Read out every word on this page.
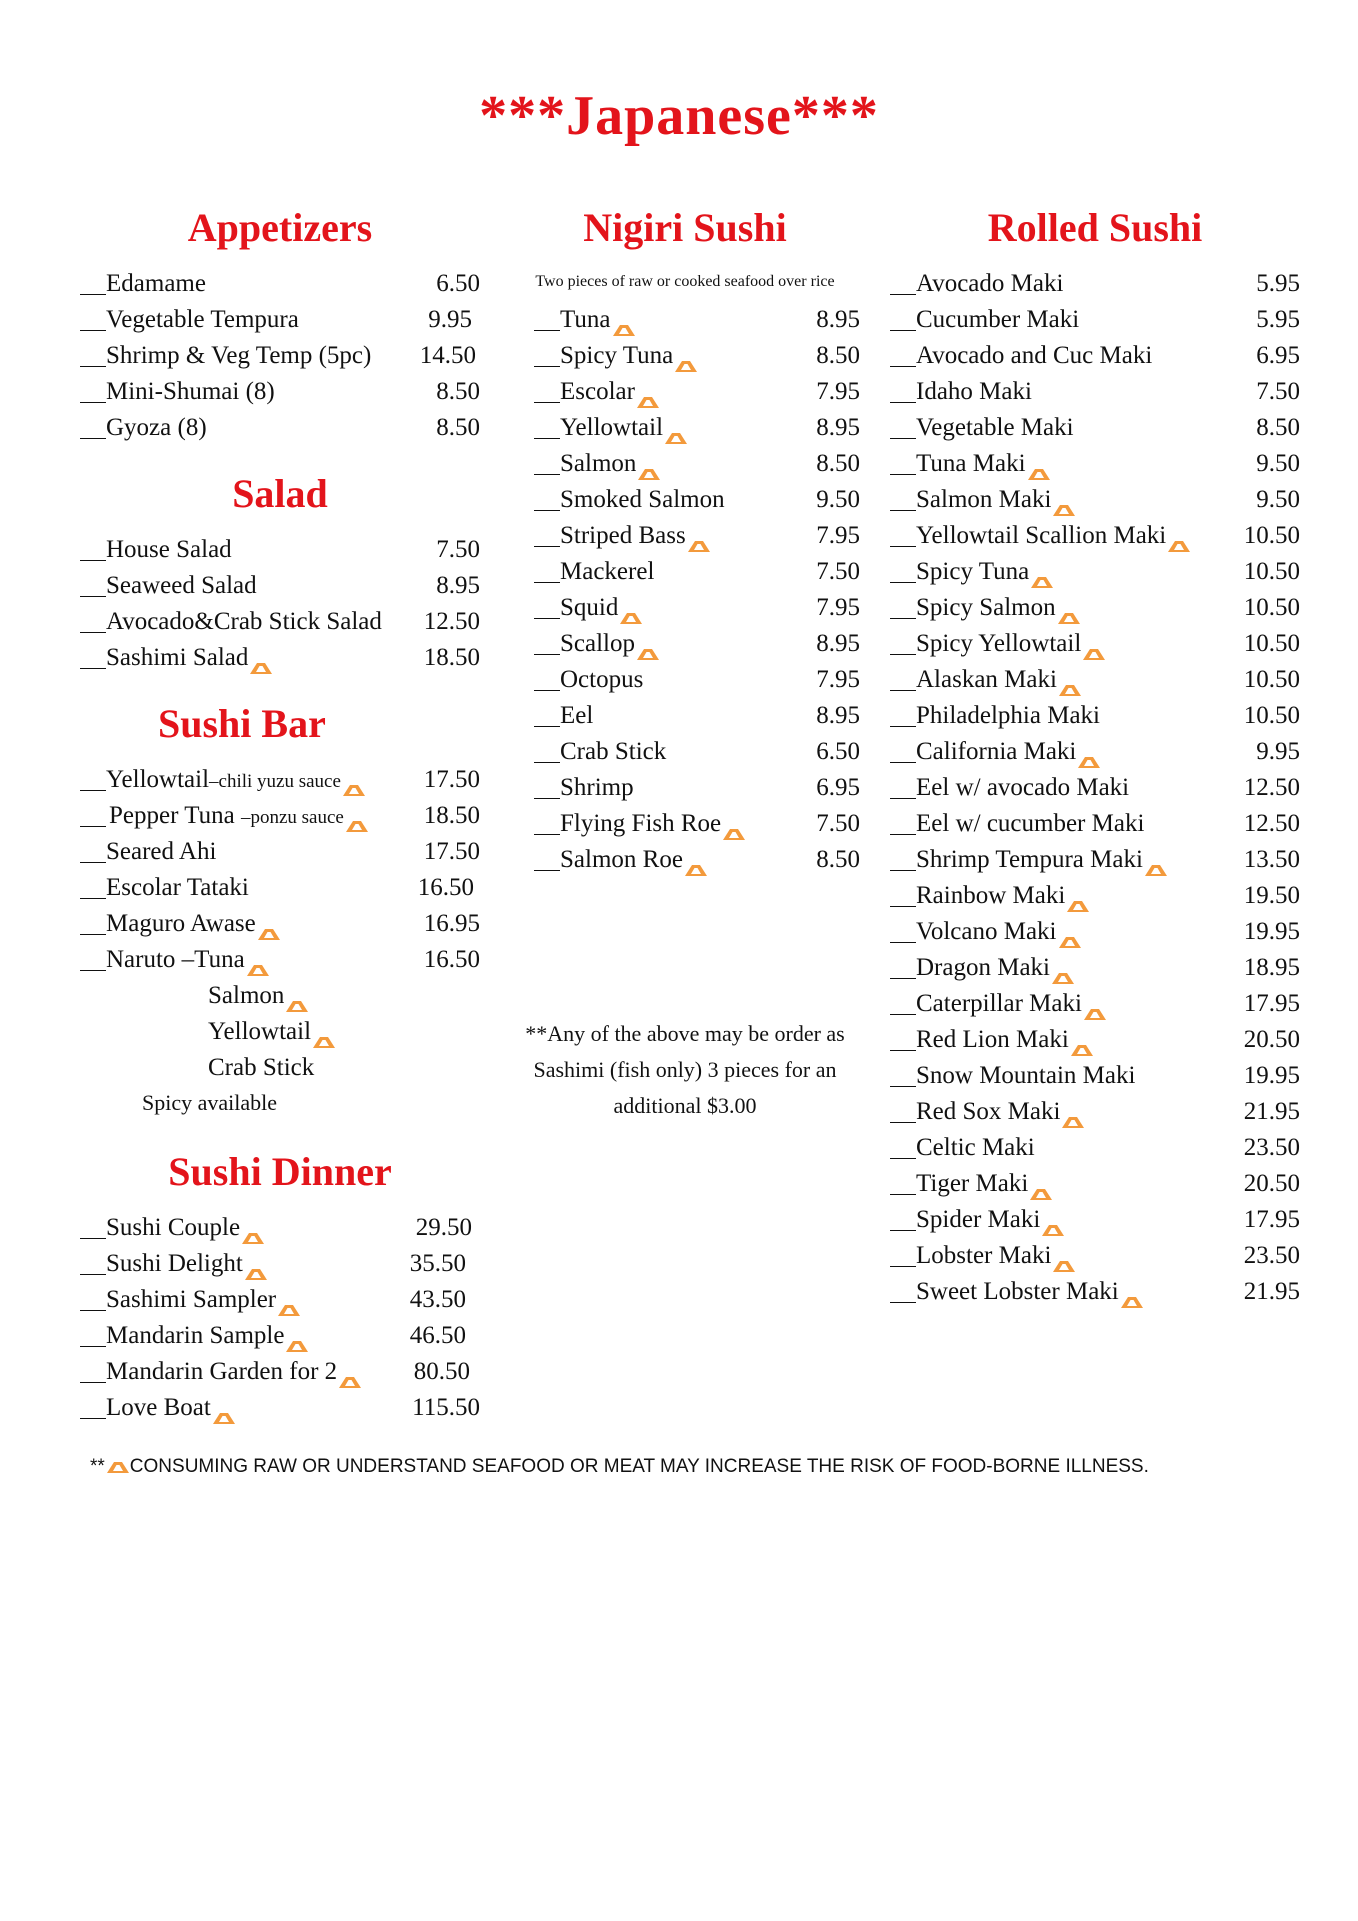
***Japanese***
Appetizers
Edamame	6.50
Vegetable Tempura	9.95
Shrimp & Veg Temp (5pc)	14.50
Mini-Shumai (8)	8.50
Gyoza (8)	8.50
Salad
House Salad	7.50
Seaweed Salad	8.95
Avocado&Crab Stick Salad	12.50
Sashimi Salad	18.50
Sushi Bar
Yellowtail–chili yuzu sauce	17.50
Pepper Tuna –ponzu sauce	18.50
Seared Ahi	17.50
Escolar Tataki	16.50
Maguro Awase	16.95
Naruto –Tuna	16.50
Salmon
Yellowtail
Crab Stick
Spicy available
Sushi Dinner
Sushi Couple	29.50
Sushi Delight	35.50
Sashimi Sampler	43.50
Mandarin Sample	46.50
Mandarin Garden for 2	80.50
Love Boat	115.50
Nigiri Sushi
Two pieces of raw or cooked seafood over rice
Tuna	8.95
Spicy Tuna	8.50
Escolar	7.95
Yellowtail	8.95
Salmon	8.50
Smoked Salmon	9.50
Striped Bass	7.95
Mackerel	7.50
Squid	7.95
Scallop	8.95
Octopus	7.95
Eel	8.95
Crab Stick	6.50
Shrimp	6.95
Flying Fish Roe	7.50
Salmon Roe	8.50
**Any of the above may be order as
Sashimi (fish only) 3 pieces for an
additional $3.00
Rolled Sushi
Avocado Maki	5.95
Cucumber Maki	5.95
Avocado and Cuc Maki	6.95
Idaho Maki	7.50
Vegetable Maki	8.50
Tuna Maki	9.50
Salmon Maki	9.50
Yellowtail Scallion Maki	10.50
Spicy Tuna	10.50
Spicy Salmon	10.50
Spicy Yellowtail	10.50
Alaskan Maki	10.50
Philadelphia Maki	10.50
California Maki	9.95
Eel w/ avocado Maki	12.50
Eel w/ cucumber Maki	12.50
Shrimp Tempura Maki	13.50
Rainbow Maki	19.50
Volcano Maki	19.95
Dragon Maki	18.95
Caterpillar Maki	17.95
Red Lion Maki	20.50
Snow Mountain Maki	19.95
Red Sox Maki	21.95
Celtic Maki	23.50
Tiger Maki	20.50
Spider Maki	17.95
Lobster Maki	23.50
Sweet Lobster Maki	21.95
** CONSUMING RAW OR UNDERSTAND SEAFOOD OR MEAT MAY INCREASE THE RISK OF FOOD-BORNE ILLNESS.
